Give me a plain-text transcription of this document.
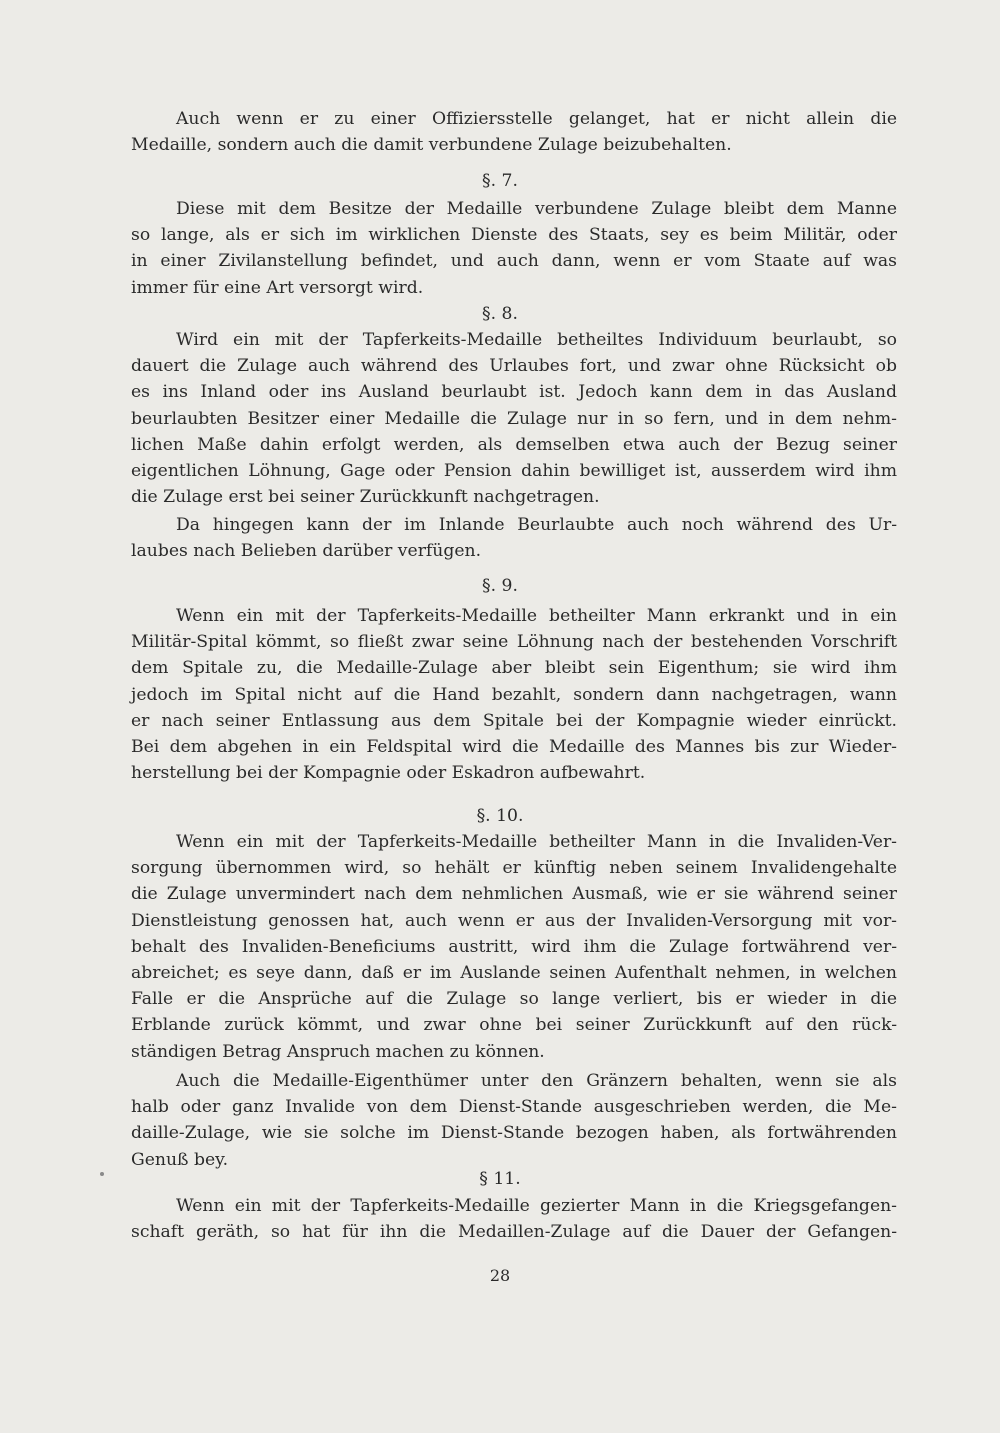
Auch wenn er zu einer Offiziersstelle gelanget, hat er nicht allein die
Medaille, sondern auch die damit verbundene Zulage beizubehalten.
§. 7.
Diese mit dem Besitze der Medaille verbundene Zulage bleibt dem Manne
so lange, als er sich im wirklichen Dienste des Staats, sey es beim Militär, oder
in einer Zivilanstellung befindet, und auch dann, wenn er vom Staate auf was
immer für eine Art versorgt wird.
§. 8.
Wird ein mit der Tapferkeits-Medaille betheiltes Individuum beurlaubt, so
dauert die Zulage auch während des Urlaubes fort, und zwar ohne Rücksicht ob
es ins Inland oder ins Ausland beurlaubt ist. Jedoch kann dem in das Ausland
beurlaubten Besitzer einer Medaille die Zulage nur in so fern, und in dem nehm-
lichen Maße dahin erfolgt werden, als demselben etwa auch der Bezug seiner
eigentlichen Löhnung, Gage oder Pension dahin bewilliget ist, ausserdem wird ihm
die Zulage erst bei seiner Zurückkunft nachgetragen.
Da hingegen kann der im Inlande Beurlaubte auch noch während des Ur-
laubes nach Belieben darüber verfügen.
§. 9.
Wenn ein mit der Tapferkeits-Medaille betheilter Mann erkrankt und in ein
Militär-Spital kömmt, so fließt zwar seine Löhnung nach der bestehenden Vorschrift
dem Spitale zu, die Medaille-Zulage aber bleibt sein Eigenthum; sie wird ihm
jedoch im Spital nicht auf die Hand bezahlt, sondern dann nachgetragen, wann
er nach seiner Entlassung aus dem Spitale bei der Kompagnie wieder einrückt.
Bei dem abgehen in ein Feldspital wird die Medaille des Mannes bis zur Wieder-
herstellung bei der Kompagnie oder Eskadron aufbewahrt.
§. 10.
Wenn ein mit der Tapferkeits-Medaille betheilter Mann in die Invaliden-Ver-
sorgung übernommen wird, so hehält er künftig neben seinem Invalidengehalte
die Zulage unvermindert nach dem nehmlichen Ausmaß, wie er sie während seiner
Dienstleistung genossen hat, auch wenn er aus der Invaliden-Versorgung mit vor-
behalt des Invaliden-Beneficiums austritt, wird ihm die Zulage fortwährend ver-
abreichet; es seye dann, daß er im Auslande seinen Aufenthalt nehmen, in welchen
Falle er die Ansprüche auf die Zulage so lange verliert, bis er wieder in die
Erblande zurück kömmt, und zwar ohne bei seiner Zurückkunft auf den rück-
ständigen Betrag Anspruch machen zu können.
Auch die Medaille-Eigenthümer unter den Gränzern behalten, wenn sie als
halb oder ganz Invalide von dem Dienst-Stande ausgeschrieben werden, die Me-
daille-Zulage, wie sie solche im Dienst-Stande bezogen haben, als fortwährenden
Genuß bey.
§ 11.
Wenn ein mit der Tapferkeits-Medaille gezierter Mann in die Kriegsgefangen-
schaft geräth, so hat für ihn die Medaillen-Zulage auf die Dauer der Gefangen-
28
